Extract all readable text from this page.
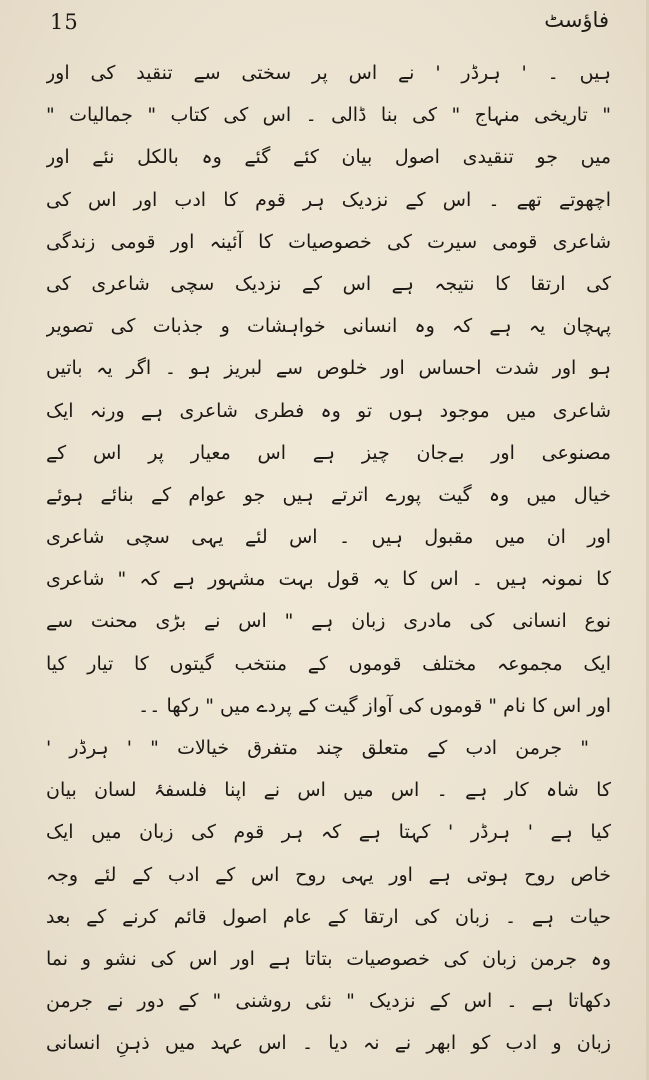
15	فاؤسٹ
ہیں ۔ ' ہرڈر ' نے اس پر سختی سے تنقید کی اور
" تاریخی منہاج " کی بنا ڈالی ۔ اس کی کتاب " جمالیات "
میں جو تنقیدی اصول بیان کئے گئے وہ بالکل نئے اور
اچھوتے تھے ۔ اس کے نزدیک ہر قوم کا ادب اور اس کی
شاعری قومی سیرت کی خصوصیات کا آئینہ اور قومی زندگی
کی ارتقا کا نتیجہ ہے اس کے نزدیک سچی شاعری کی
پہچان یہ ہے کہ وہ انسانی خواہشات و جذبات کی تصویر
ہو اور شدت احساس اور خلوص سے لبریز ہو ۔ اگر یہ باتیں
شاعری میں موجود ہوں تو وہ فطری شاعری ہے ورنہ ایک
مصنوعی اور بےجان چیز ہے اس معیار پر اس کے
خیال میں وہ گیت پورے اترتے ہیں جو عوام کے بنائے ہوئے
اور ان میں مقبول ہیں ۔ اس لئے یہی سچی شاعری
کا نمونہ ہیں ۔ اس کا یہ قول بہت مشہور ہے کہ " شاعری
نوع انسانی کی مادری زبان ہے " اس نے بڑی محنت سے
ایک مجموعہ مختلف قوموں کے منتخب گیتوں کا تیار کیا
اور اس کا نام " قوموں کی آواز گیت کے پردے میں " رکھا ۔۔
" جرمن ادب کے متعلق چند متفرق خیالات " ' ہرڈر '
کا شاہ کار ہے ۔ اس میں اس نے اپنا فلسفۂ لسان بیان
کیا ہے ' ہرڈر ' کہتا ہے کہ ہر قوم کی زبان میں ایک
خاص روح ہوتی ہے اور یہی روح اس کے ادب کے لئے وجہ
حیات ہے ۔ زبان کی ارتقا کے عام اصول قائم کرنے کے بعد
وہ جرمن زبان کی خصوصیات بتاتا ہے اور اس کی نشو و نما
دکھاتا ہے ۔ اس کے نزدیک " نئی روشنی " کے دور نے جرمن
زبان و ادب کو ابھر نے نہ دیا ۔ اس عہد میں ذہنِ انسانی
